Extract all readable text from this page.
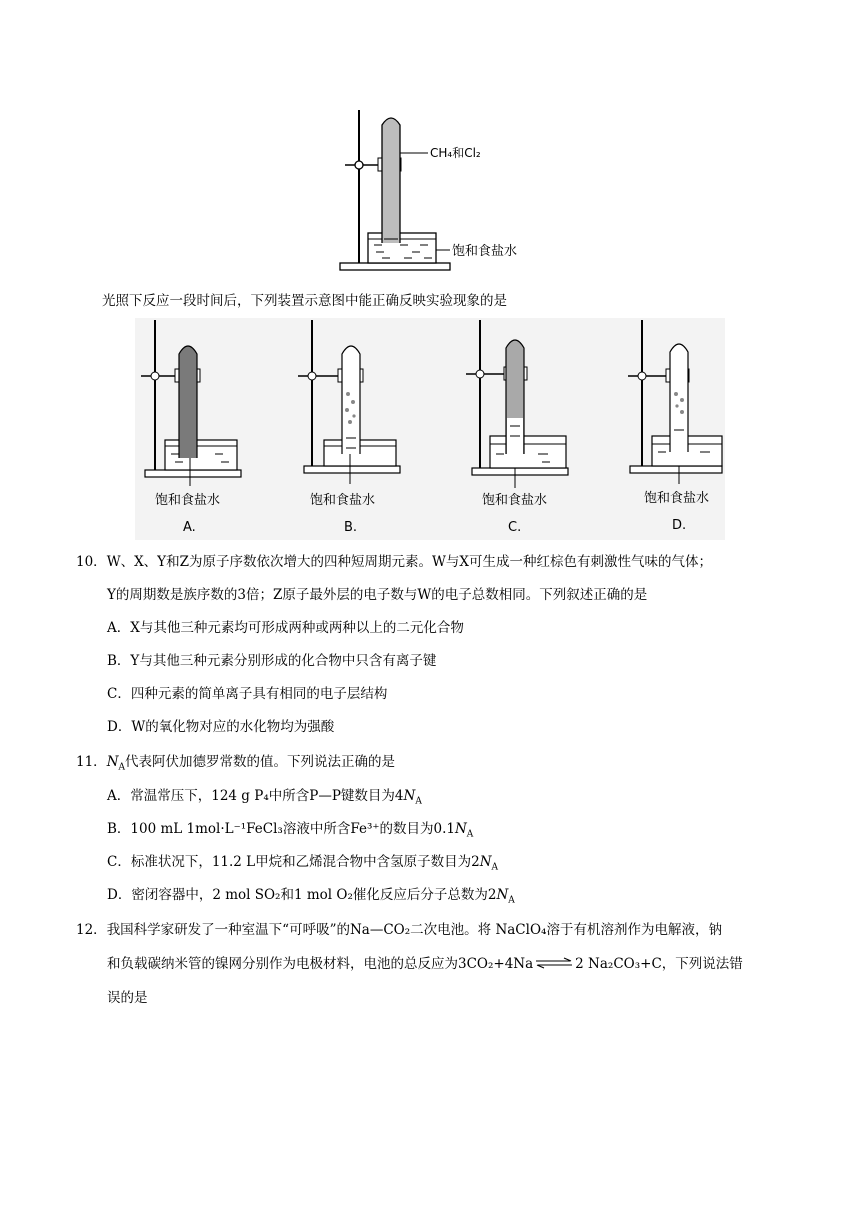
CH₄和Cl₂
饱和食盐水
光照下反应一段时间后，下列装置示意图中能正确反映实验现象的是
饱和食盐水
A.
饱和食盐水
B.
饱和食盐水
C.
饱和食盐水
D.
10．W、X、Y和Z为原子序数依次增大的四种短周期元素。W与X可生成一种红棕色有刺激性气味的气体；
Y的周期数是族序数的3倍；Z原子最外层的电子数与W的电子总数相同。下列叙述正确的是
A．X与其他三种元素均可形成两种或两种以上的二元化合物
B．Y与其他三种元素分别形成的化合物中只含有离子键
C．四种元素的简单离子具有相同的电子层结构
D．W的氧化物对应的水化物均为强酸
11．$N_A$代表阿伏加德罗常数的值。下列说法正确的是
A．常温常压下，124 g P₄中所含P—P键数目为$4N_A$
B．100 mL 1mol·L⁻¹FeCl₃溶液中所含Fe³⁺的数目为$0.1N_A$
C．标准状况下，11.2 L甲烷和乙烯混合物中含氢原子数目为$2N_A$
D．密闭容器中，2 mol SO₂和1 mol O₂催化反应后分子总数为$2N_A$
12．我国科学家研发了一种室温下“可呼吸”的Na—CO₂二次电池。将 NaClO₄溶于有机溶剂作为电解液，钠
和负载碳纳米管的镍网分别作为电极材料，电池的总反应为3CO₂+4Na ⇌ 2 Na₂CO₃+C，下列说法错
误的是
